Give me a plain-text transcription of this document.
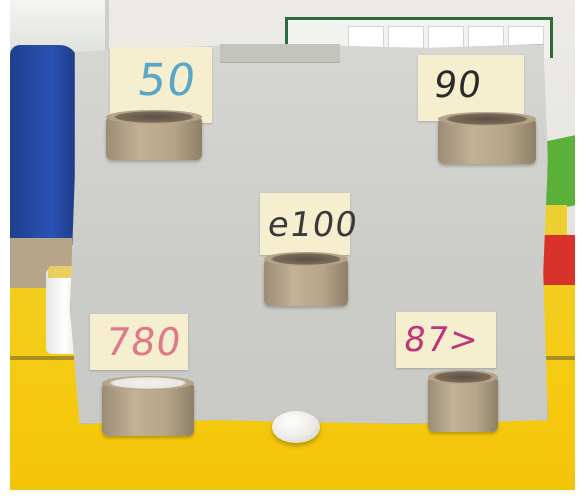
50	90
e100
780	87>
